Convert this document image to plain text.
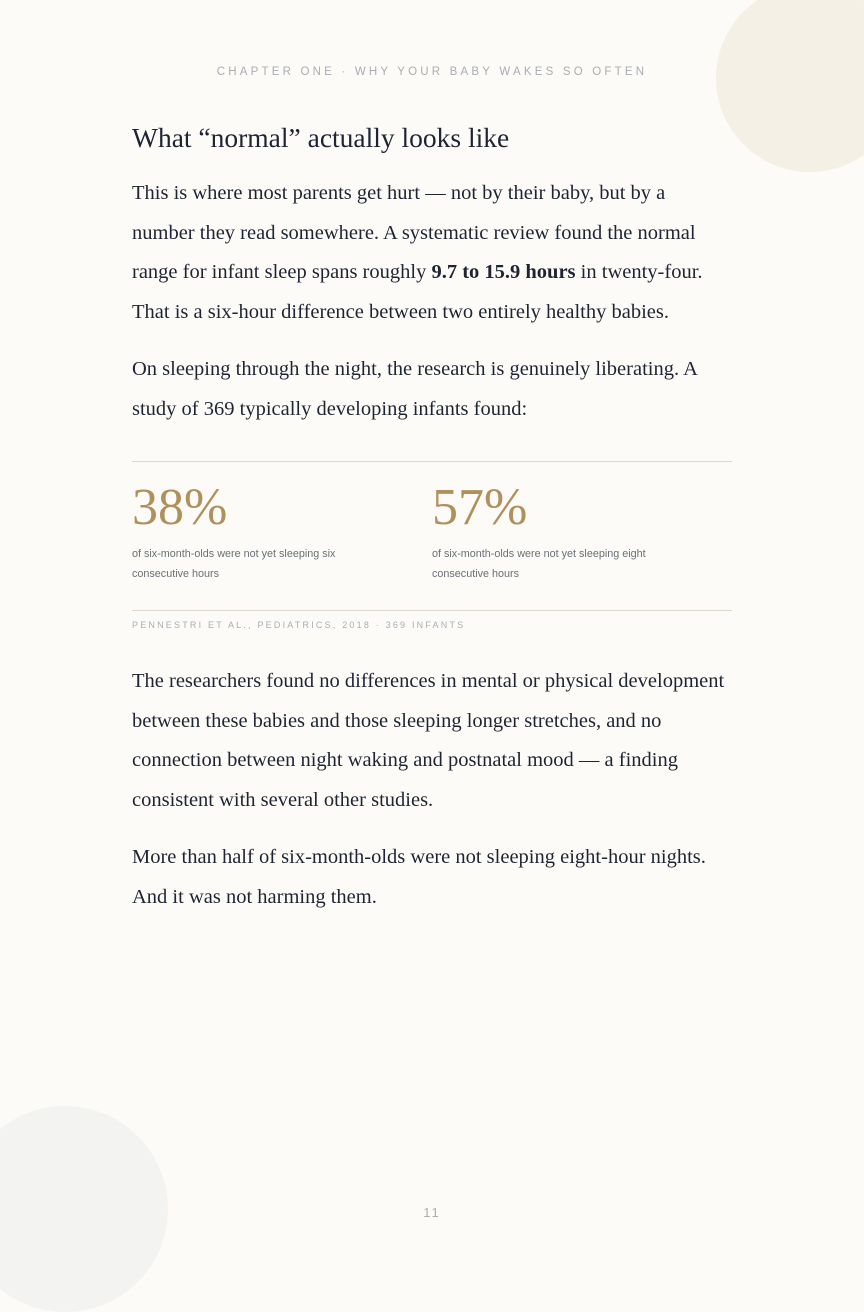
CHAPTER ONE · WHY YOUR BABY WAKES SO OFTEN
What “normal” actually looks like

This is where most parents get hurt — not by their baby, but by a number they read somewhere. A systematic review found the normal range for infant sleep spans roughly 9.7 to 15.9 hours in twenty-four. That is a six-hour difference between two entirely healthy babies.

On sleeping through the night, the research is genuinely liberating. A study of 369 typically developing infants found:

38%
of six-month-olds were not yet sleeping six consecutive hours
57%
of six-month-olds were not yet sleeping eight consecutive hours
PENNESTRI ET AL., PEDIATRICS, 2018 · 369 INFANTS

The researchers found no differences in mental or physical development between these babies and those sleeping longer stretches, and no connection between night waking and postnatal mood — a finding consistent with several other studies.

More than half of six-month-olds were not sleeping eight-hour nights. And it was not harming them.

11
